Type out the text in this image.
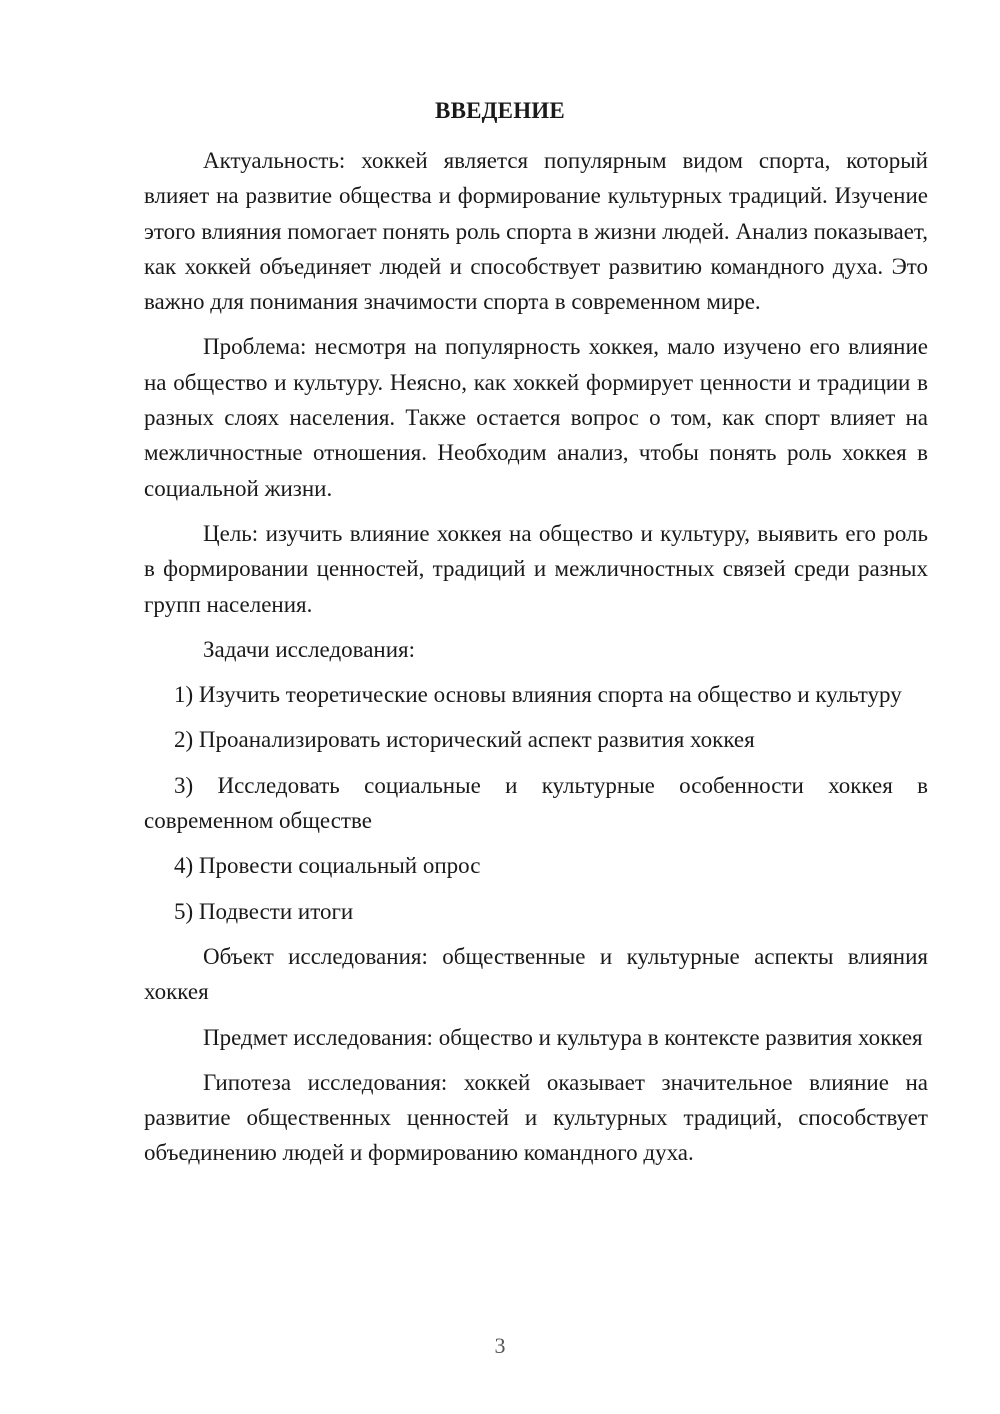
ВВЕДЕНИЕ

Актуальность: хоккей является популярным видом спорта, который влияет на развитие общества и формирование культурных традиций. Изучение этого влияния помогает понять роль спорта в жизни людей. Анализ показывает, как хоккей объединяет людей и способствует развитию командного духа. Это важно для понимания значимости спорта в современном мире.

Проблема: несмотря на популярность хоккея, мало изучено его влияние на общество и культуру. Неясно, как хоккей формирует ценности и традиции в разных слоях населения. Также остается вопрос о том, как спорт влияет на межличностные отношения. Необходим анализ, чтобы понять роль хоккея в социальной жизни.

Цель: изучить влияние хоккея на общество и культуру, выявить его роль в формировании ценностей, традиций и межличностных связей среди разных групп населения.

Задачи исследования:

1) Изучить теоретические основы влияния спорта на общество и культуру

2) Проанализировать исторический аспект развития хоккея

3) Исследовать социальные и культурные особенности хоккея в современном обществе

4) Провести социальный опрос

5) Подвести итоги

Объект исследования: общественные и культурные аспекты влияния хоккея

Предмет исследования: общество и культура в контексте развития хоккея

Гипотеза исследования: хоккей оказывает значительное влияние на развитие общественных ценностей и культурных традиций, способствует объединению людей и формированию командного духа.

3
